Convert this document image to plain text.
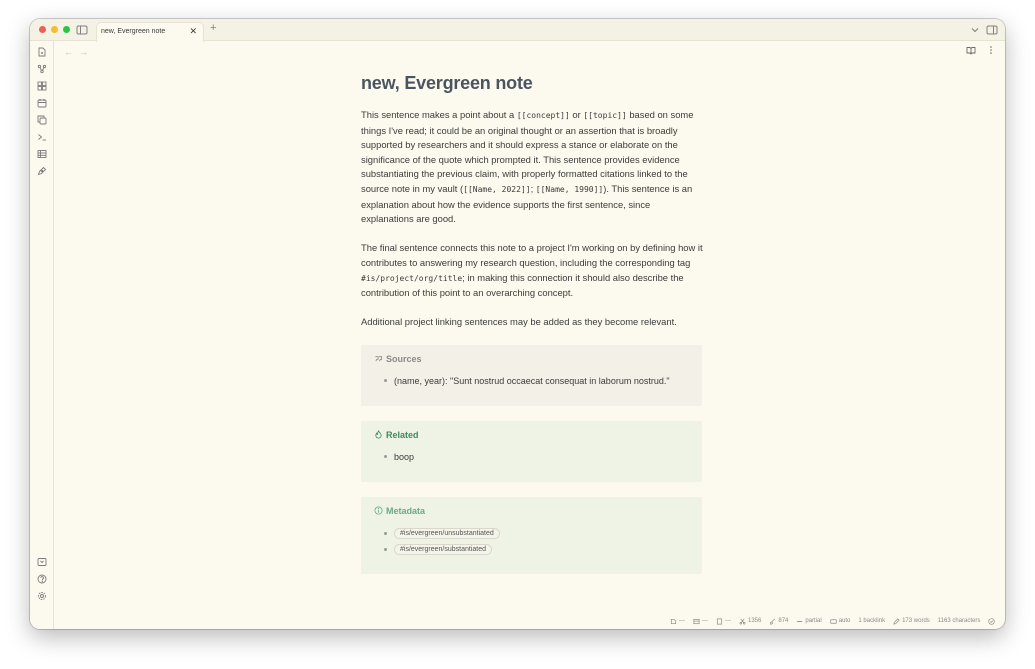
new, Evergreen note	✕ +
← →
new, Evergreen note

This sentence makes a point about a [[concept]] or [[topic]] based on some things I've read; it could be an original thought or an assertion that is broadly supported by researchers and it should express a stance or elaborate on the significance of the quote which prompted it. This sentence provides evidence substantiating the previous claim, with properly formatted citations linked to the source note in my vault ([[Name, 2022]]; [[Name, 1990]]). This sentence is an explanation about how the evidence supports the first sentence, since explanations are good.

The final sentence connects this note to a project I'm working on by defining how it contributes to answering my research question, including the corresponding tag #is/project/org/title; in making this connection it should also describe the contribution of this point to an overarching concept.

Additional project linking sentences may be added as they become relevant.

Sources
(name, year): "Sunt nostrud occaecat consequat in laborum nostrud."
Related
boop
Metadata
#is/evergreen/unsubstantiated
#is/evergreen/substantiated
---	---	---	1356	874	partial	auto 1 backlink	173 words 1163 characters
